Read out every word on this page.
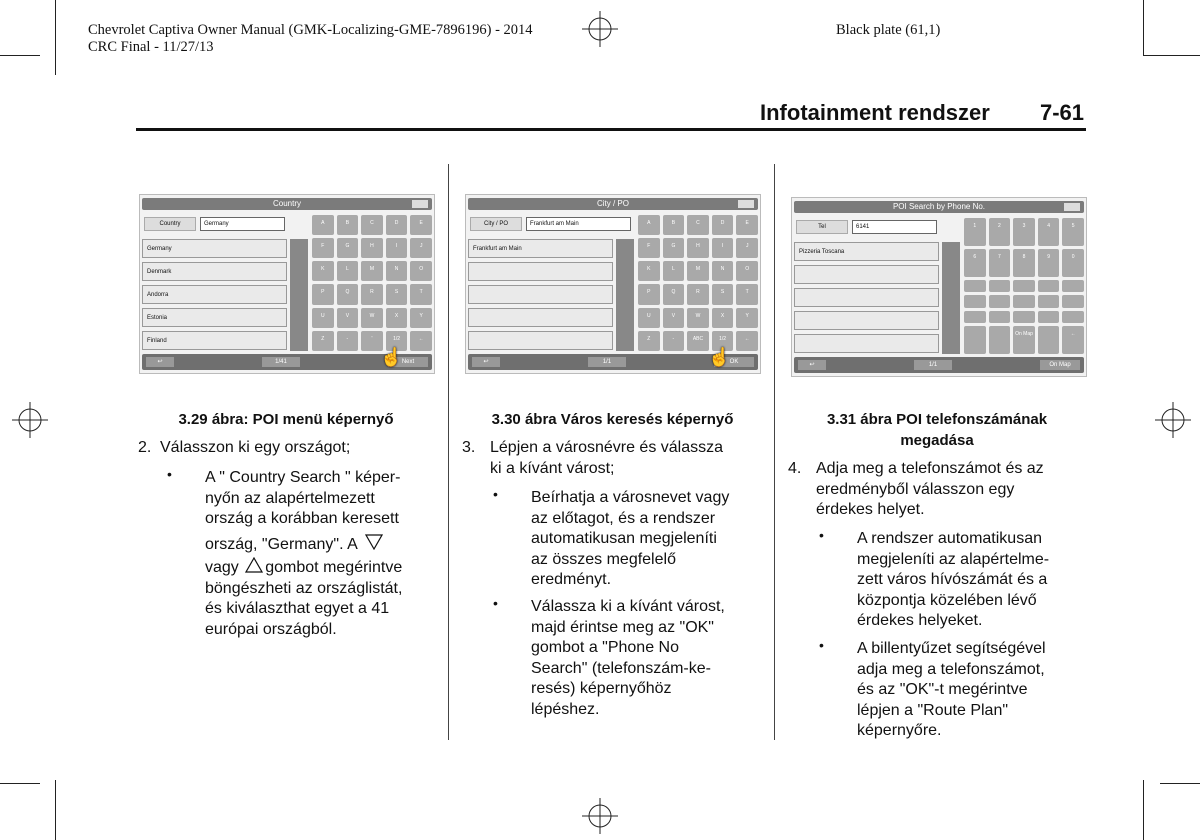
Chevrolet Captiva Owner Manual (GMK-Localizing-GME-7896196) - 2014
CRC Final - 11/27/13
Black plate (61,1)
Infotainment rendszer 7-61
Country
Country	Germany
Germany
Denmark
Andorra
Estonia
Finland
A	B	C	D	E
F	G	H	I	J
K	L	M	N	O
P	Q	R	S	T
U	V	W	X	Y
Z	-	'	1/2	←
↩	1/41	Next
☝
City / PO
City / PO	Frankfurt am Main
Frankfurt am Main
A	B	C	D	E
F	G	H	I	J
K	L	M	N	O
P	Q	R	S	T
U	V	W	X	Y
Z	-	ABC	1/2	←
↩	1/1	OK
☝
POI Search by Phone No.
Tel	6141
Pizzeria Toscana
1	2	3	4	5
6	7	8	9	0
On Map	←
↩	1/1	On Map
3.29 ábra: POI menü képernyő
2. Válasszon ki egy országot;
• A " Country Search " képer-
nyőn az alapértelmezett
ország a korábban keresett
ország, "Germany". A
vagy gombot megérintve
böngészheti az országlistát,
és kiválaszthat egyet a 41
európai országból.
3.30 ábra Város keresés képernyő
3. Lépjen a városnévre és válassza
ki a kívánt várost;
• Beírhatja a városnevet vagy
az előtagot, és a rendszer
automatikusan megjeleníti
az összes megfelelő
eredményt.
• Válassza ki a kívánt várost,
majd érintse meg az "OK"
gombot a "Phone No
Search" (telefonszám-ke-
resés) képernyőhöz
lépéshez.
3.31 ábra POI telefonszámának
megadása
4. Adja meg a telefonszámot és az
eredményből válasszon egy
érdekes helyet.
• A rendszer automatikusan
megjeleníti az alapértelme-
zett város hívószámát és a
központja közelében lévő
érdekes helyeket.
• A billentyűzet segítségével
adja meg a telefonszámot,
és az "OK"-t megérintve
lépjen a "Route Plan"
képernyőre.
